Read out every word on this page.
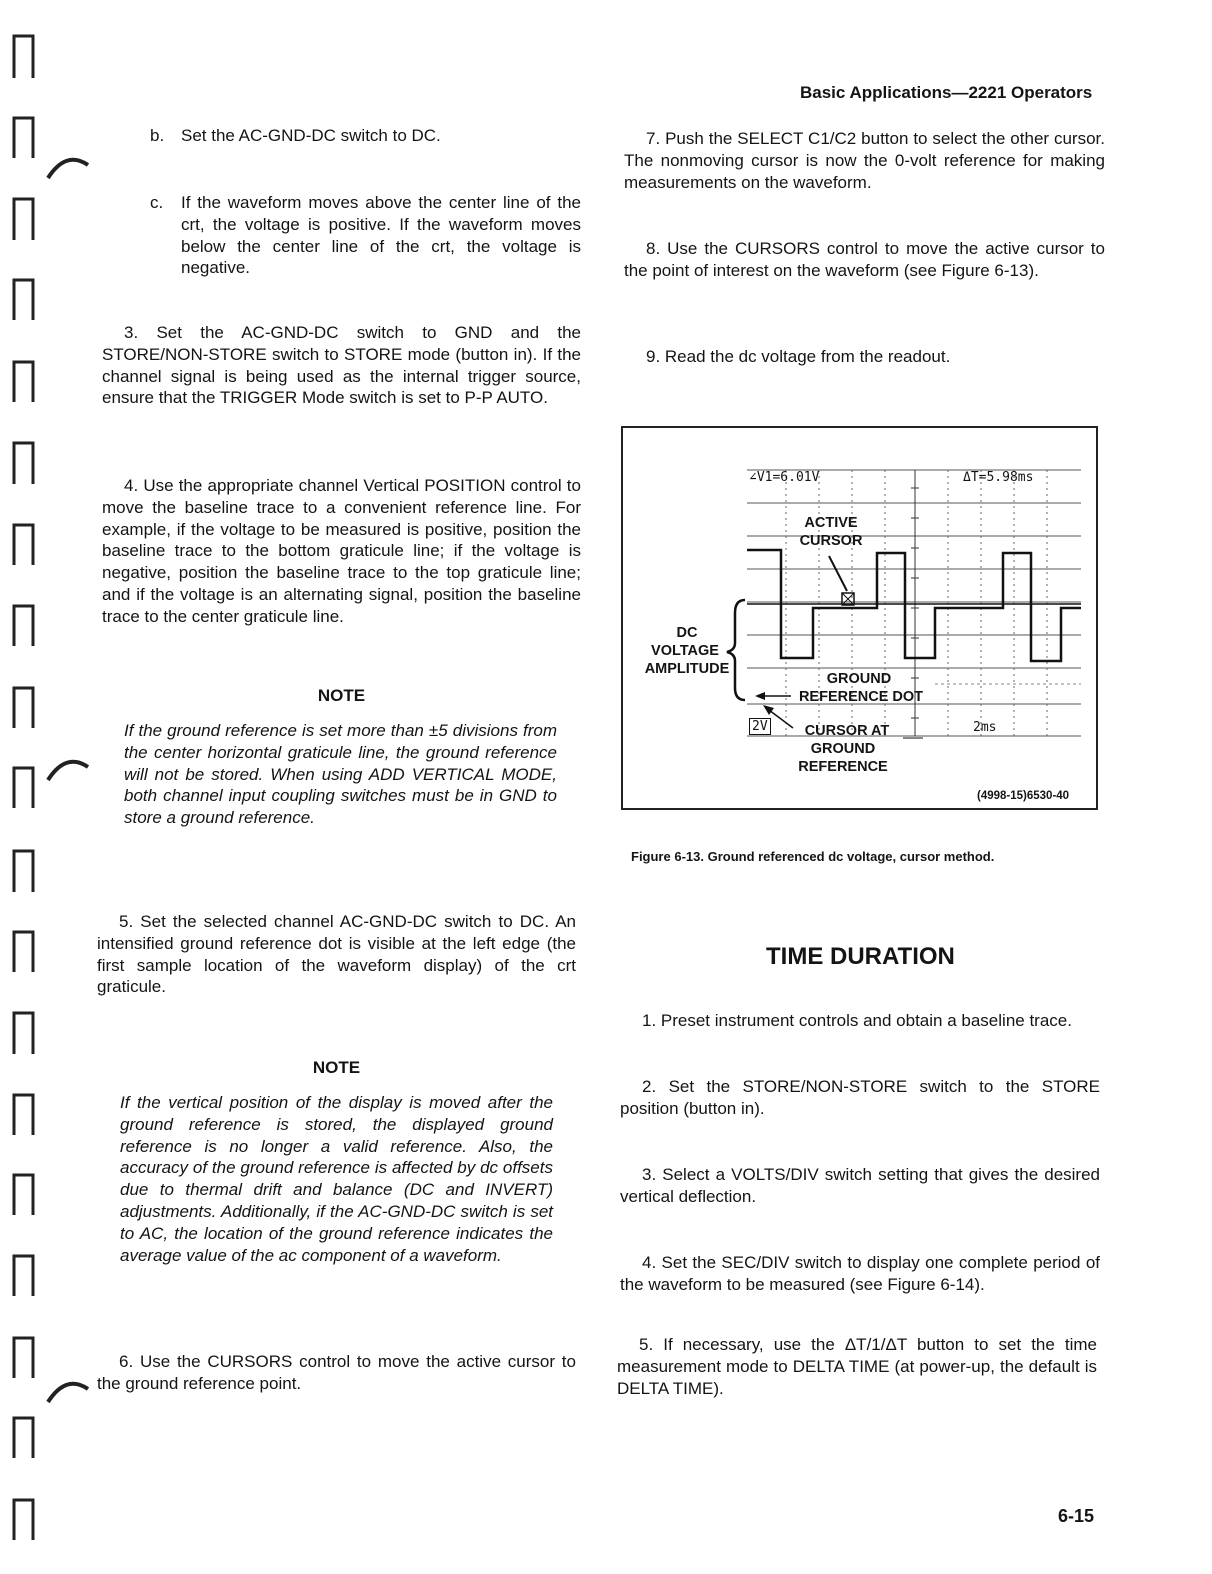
Basic Applications—2221 Operators
b. Set the AC-GND-DC switch to DC.
c.	If the waveform moves above the center line of the crt, the voltage is positive. If the waveform moves below the center line of the crt, the voltage is negative.
3. Set the AC-GND-DC switch to GND and the STORE/NON-STORE switch to STORE mode (button in). If the channel signal is being used as the internal trigger source, ensure that the TRIGGER Mode switch is set to P-P AUTO.
4. Use the appropriate channel Vertical POSITION control to move the baseline trace to a convenient reference line. For example, if the voltage to be measured is positive, position the baseline trace to the bottom graticule line; if the voltage is negative, position the baseline trace to the top graticule line; and if the voltage is an alternating signal, position the baseline trace to the center graticule line.
NOTE
If the ground reference is set more than ±5 divisions from the center horizontal graticule line, the ground reference will not be stored. When using ADD VERTICAL MODE, both channel input coupling switches must be in GND to store a ground reference.
5. Set the selected channel AC-GND-DC switch to DC. An intensified ground reference dot is visible at the left edge (the first sample location of the waveform display) of the crt graticule.
NOTE
If the vertical position of the display is moved after the ground reference is stored, the displayed ground reference is no longer a valid reference. Also, the accuracy of the ground reference is affected by dc offsets due to thermal drift and balance (DC and INVERT) adjustments. Additionally, if the AC-GND-DC switch is set to AC, the location of the ground reference indicates the average value of the ac component of a waveform.
6. Use the CURSORS control to move the active cursor to the ground reference point.
7. Push the SELECT C1/C2 button to select the other cursor. The nonmoving cursor is now the 0-volt reference for making measurements on the waveform.
8. Use the CURSORS control to move the active cursor to the point of interest on the waveform (see Figure 6-13).
9. Read the dc voltage from the readout.
∠V1=6.01V	ΔT=5.98ms
ACTIVE
CURSOR
DC
VOLTAGE
AMPLITUDE
GROUND
REFERENCE DOT
2V	CURSOR AT
GROUND
REFERENCE
2ms
(4998-15)6530-40
Figure 6-13. Ground referenced dc voltage, cursor method.
TIME DURATION
1. Preset instrument controls and obtain a baseline trace.
2. Set the STORE/NON-STORE switch to the STORE position (button in).
3. Select a VOLTS/DIV switch setting that gives the desired vertical deflection.
4. Set the SEC/DIV switch to display one complete period of the waveform to be measured (see Figure 6-14).
5. If necessary, use the ΔT/1/ΔT button to set the time measurement mode to DELTA TIME (at power-up, the default is DELTA TIME).
6-15
